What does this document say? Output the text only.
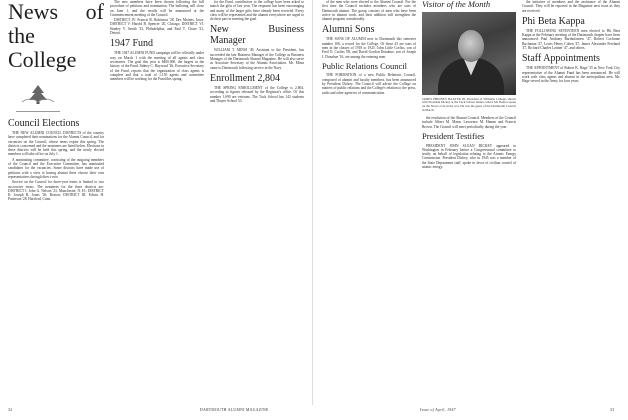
News of the College
Council Elections

THE NEW ALUMNI COUNCIL DISTRICTS of the country have completed their nominations for the Alumni Council, and for vacancies on the Council, whose terms expire this spring. The districts concerned and the nominees are listed below. Elections in these districts will be held this spring, and the newly elected members will take office on July 1.

A nominating committee, consisting of the outgoing members of the Council and the Executive Committee, has nominated candidates for the vacancies. Some districts have made use of petitions with a view to having alumni there choose their own representatives through direct vote.

Service on the Council for three-year terms is limited to two successive terms. The nominees for the three districts are: DISTRICT I: John G. Nelson '23, Manchester, N. H.; DISTRICT II: Joseph R. Jones '26, Boston; DISTRICT III: Edwin H. Patterson '28, Hartford, Conn.

The new members have been chosen following the full procedure of petitions and nomination. The balloting will close on June 1, and the results will be announced at the Commencement meeting of the Council.

DISTRICT IV: Francis B. Robinson '28, Des Moines, Iowa. DISTRICT V: Harold B. Spencer '20, Chicago. DISTRICT VI: Stanley V. Smith '23, Philadelphia, and Paul T. Chase '21, Detroit.

1947 Fund

THE 1947 ALUMNI FUND campaign will be officially under way on March 1 with the meeting of all agents and class secretaries. The goal this year is $400,000, the largest in the history of the Fund. Sidney C. Hayward '26, Executive Secretary of the Fund, reports that the organization of class agents is complete and that a total of 1,150 agents and committee members will be working for the Fund this spring.

for the Fund, contributors to the college have been asked to match the gifts of last year. The response has been encouraging and many of the larger gifts have already been received. Every class will be represented and the alumni everywhere are urged to do their part in meeting the goal.

New Business Manager

WILLIAM T. MINSI '49, Assistant to the President, has succeeded the late Business Manager of the College as Business Manager of the Dartmouth Alumni Magazine. He will also serve as Associate Secretary of the Alumni Association. Mr. Minsi came to Dartmouth following service in the Navy.

Enrollment 2,804

THE SPRING ENROLLMENT of the College is 2,804, according to figures released by the Registrar's office. Of this number 1,690 are veterans. The Tuck School has 142 students and Thayer School 53.

32	DARTMOUTH ALUMNI MAGAZINE

of the men who were elected to the Alumni Council. For the first time the Council includes members who are sons of Dartmouth alumni. The group consists of men who have been active in alumni work, and their addition will strengthen the alumni program considerably.

Alumni Sons

THE SONS OF ALUMNI new to Dartmouth this semester number 106, a record for the College. Of these 43 are sons of men in the classes of 1918 to 1925. John Little Corliss, son of Fred O. Corliss '08, and David Gordon Donahue, son of Joseph J. Donahue '16, are among the entering men.

Public Relations Council

THE FORMATION of a new Public Relations Council, composed of alumni and faculty members, has been announced by President Dickey. The Council will advise the College on matters of public relations and the College's relation to the press, radio and other agencies of communication.

Visitor of the Month
JAMES PHINNEY BAXTER III, President of Williams College, shown with President Dickey at the Tuck School dinner, where Mr. Baxter spoke on the Navy's role in the war. He was the guest of the Dartmouth Council in March.

the resolution of the Alumni Council. Members of the Council include Albert M. Mann, Lawrence M. Hamm and Francis Brown. The Council will meet periodically during the year.

President Testifies

PRESIDENT JOHN SLOAN DICKEY appeared in Washington in February before a Congressional committee to testify on behalf of legislation relating to the Atomic Energy Commission. President Dickey, who in 1945 was a member of the State Department staff, spoke in favor of civilian control of atomic energy.

the initiative of members and the assistance of the Alumni Council. They will be reported in the Magazine next issue as they are received.

Phi Beta Kappa

THE FOLLOWING SEVENTEEN men elected to Phi Beta Kappa at the February meeting of the Dartmouth chapter have been announced: Paul Anthony Bartholomew '47, Robert Cochrane Buchanan '47, Lewis Henry Cohen '47, James Alexander Freeland '47, Richard Charles Leitner '47, and others.

Staff Appointments

THE APPOINTMENT of Robert K. Hage '35 as New York City representative of the Alumni Fund has been announced. He will work with class agents and alumni in the metropolitan area. Mr. Hage served in the Army for four years.

Issue of April, 1947	33
